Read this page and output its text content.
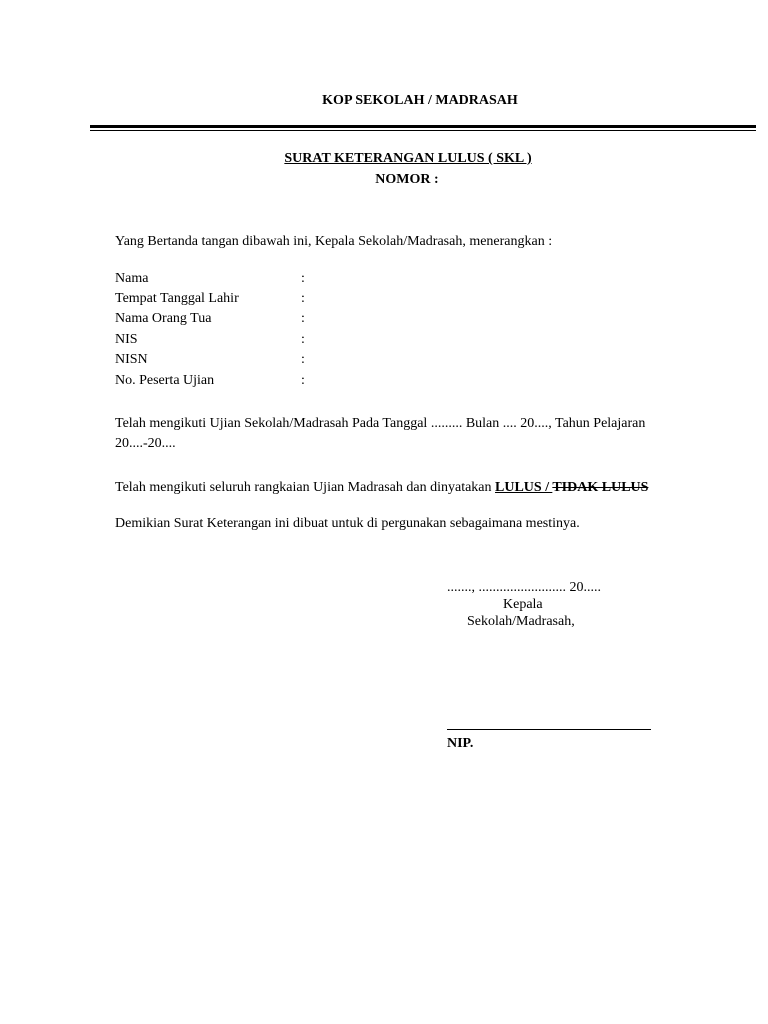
KOP SEKOLAH / MADRASAH
SURAT KETERANGAN LULUS ( SKL )
NOMOR :
Yang Bertanda tangan dibawah ini, Kepala Sekolah/Madrasah, menerangkan :
Nama	:
Tempat Tanggal Lahir	:
Nama Orang Tua	:
NIS	:
NISN	:
No. Peserta Ujian	:
Telah mengikuti Ujian Sekolah/Madrasah Pada Tanggal ......... Bulan .... 20...., Tahun Pelajaran 20....-20....
Telah mengikuti seluruh rangkaian Ujian Madrasah dan dinyatakan LULUS / TIDAK LULUS
Demikian Surat Keterangan ini dibuat untuk di pergunakan sebagaimana mestinya.
......., ......................... 20.....
Kepala
Sekolah/Madrasah,
NIP.
